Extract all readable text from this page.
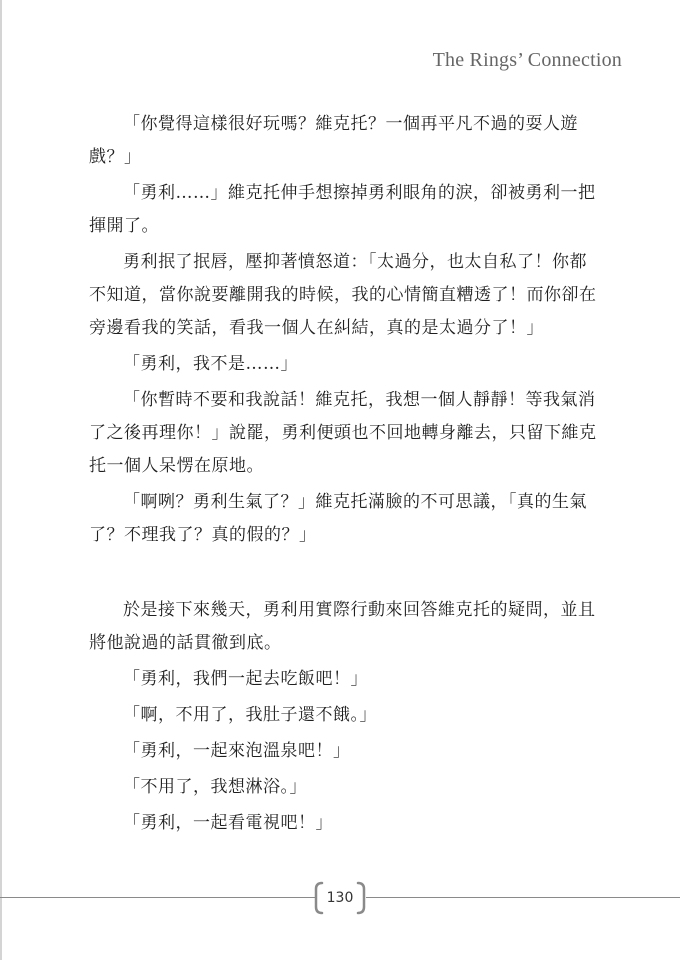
The Rings’ Connection

「你覺得這樣很好玩嗎？維克托？一個再平凡不過的耍人遊戲？」

「勇利……」維克托伸手想擦掉勇利眼角的淚，卻被勇利一把揮開了。

勇利抿了抿唇，壓抑著憤怒道：「太過分，也太自私了！你都不知道，當你說要離開我的時候，我的心情簡直糟透了！而你卻在旁邊看我的笑話，看我一個人在糾結，真的是太過分了！」

「勇利，我不是……」

「你暫時不要和我說話！維克托，我想一個人靜靜！等我氣消了之後再理你！」說罷，勇利便頭也不回地轉身離去，只留下維克托一個人呆愣在原地。

「啊咧？勇利生氣了？」維克托滿臉的不可思議，「真的生氣了？不理我了？真的假的？」

於是接下來幾天，勇利用實際行動來回答維克托的疑問，並且將他說過的話貫徹到底。

「勇利，我們一起去吃飯吧！」

「啊，不用了，我肚子還不餓。」

「勇利，一起來泡溫泉吧！」

「不用了，我想淋浴。」

「勇利，一起看電視吧！」

130
